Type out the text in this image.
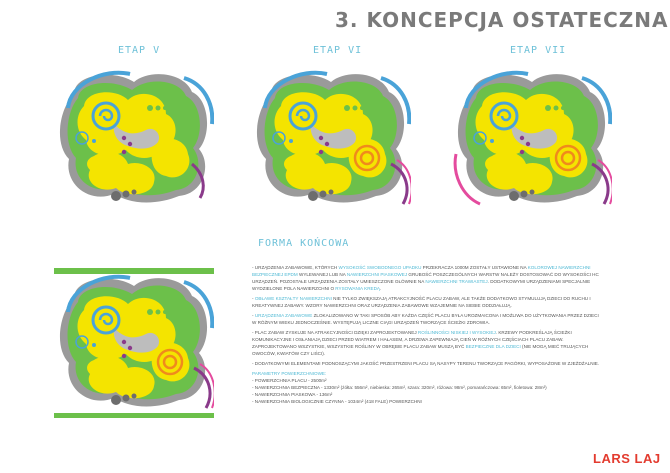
3. KONCEPCJA OSTATECZNA
ETAP V	ETAP VI	ETAP VII
FORMA KOŃCOWA

- URZĄDZENIA ZABAWOWE, KTÓRYCH WYSOKOŚĆ SWOBODNEGO UPADKU PRZEKRACZA 1000M ZOSTAŁY USTAWIONE NA KOLOROWEJ NAWIERZCHNI BEZPIECZNEJ EPDM WYLEWANEJ LUB NA NAWIERZCHNI PIASKOWEJ GRUBOŚĆ POSZCZEGÓLNYCH WARSTW NALEŻY DOSTOSOWAĆ DO WYSOKOŚCI HC URZĄDZEŃ. POZOSTAŁE URZĄDZENIA ZOSTAŁY UMIESZCZONE GŁÓWNIE NA NAWIERZCHNI TRAWIASTEJ. DODATKOWYMI URZĄDZENIAMI SPECJALNIE WYDZIELONE POLA NAWIERZCHNI O RYSOWANIA KREDĄ.

- OBŁAWE KSZTAŁTY NAWIERZCHNI NIE TYLKO ZWIĘKSZAJĄ ATRAKCYJNOŚĆ PLACU ZABAW, ALE TAKŻE DODATKOWO STYMULUJĄ DZIECI DO RUCHU I KREATYWNEJ ZABAWY. WZORY NAWIERZCHNI ORAZ URZĄDZENIA ZABAWOWE WZAJEMNIE NA SIEBIE ODDZIAŁUJĄ.

- URZĄDZENIA ZABAWOWE ZLOKALIZOWANO W TAKI SPOSÓB ABY KAŻDA CZĘŚĆ PLACU BYŁA UROZMAICONA I MOŻLIWA DO UŻYTKOWANIA PRZEZ DZIECI W RÓŻNYM WIEKU JEDNOCZEŚNIE. WYSTĘPUJĄ LICZNE CIĄGI URZĄDZEŃ TWORZĄCE ŚCIEŻKI ZDROWIA.

- PLAC ZABAW ZYSKUJE NA ATRAKCYJNOŚCI DZIĘKI ZAPROJEKTOWANEJ ROŚLINNOŚCI NISKIEJ I WYSOKIEJ. KRZEWY PODKREŚLAJĄ ŚCIEŻKI KOMUNIKACYJNE I OSŁANIAJĄ DZIECI PRZED WIATREM I HAŁASEM, A DRZEWA ZAPEWNIAJĄ CIEŃ W RÓŻNYCH CZĘŚCIACH PLACU ZABAW. ZAPROJEKTOWANO WSZYSTKIE, WSZYSTKIE ROŚLINY W OBRĘBIE PLACU ZABAW MUSZĄ BYĆ BEZPIECZNE DLA DZIECI (NIE MOGĄ MIEĆ TRUJĄCYCH OWOCÓW, KWIATÓW CZY LIŚCI).

- DODATKOWYMI ELEMENTAMI PODNOSZĄCYMI JAKOŚĆ PRZESTRZENI PLACU SĄ NASYPY TERENU TWORZĄCE PAGÓRKI, WYPOSAŻONE W ZJEŻDŻALNIE.

PARAMETRY POWIERZCHNIOWE:
- POWIERZCHNIA PLACU - 2500m²
- NAWIERZCHNIA BEZPIECZNA - 1330m² (żółta: 556m², niebieska: 265m², szara: 320m², różowa: 98m², pomarańczowa: 65m², fioletowa: 28m²)
- NAWIERZCHNIA PIASKOWA - 136m²
- NAWIERZCHNIA BIOLOGICZNIE CZYNNA - 1034m² (418 FALE) POWIERZCHNI
LARS LAJ
